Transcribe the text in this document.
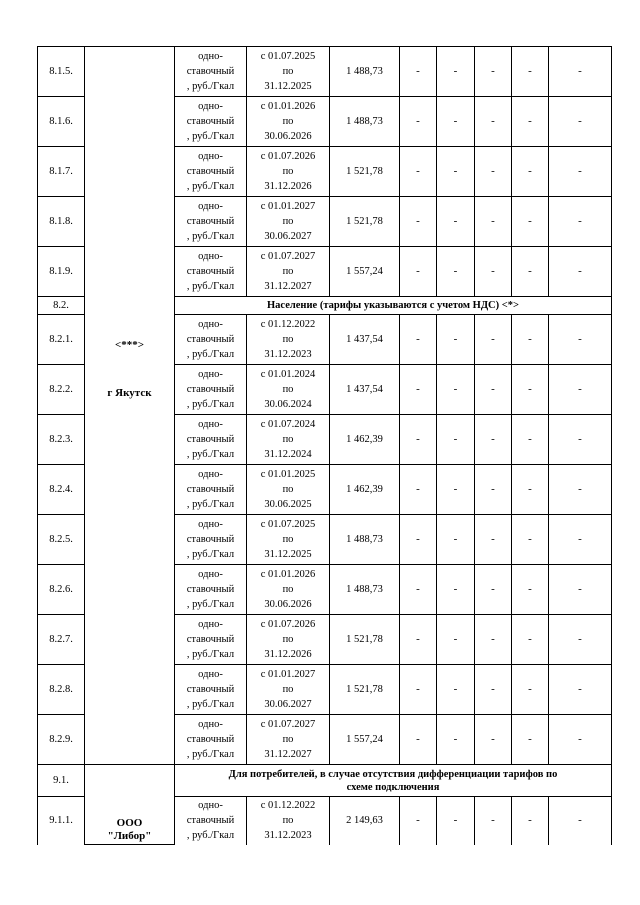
8.1.5.	<***>
г Якутск	одно-
ставочный
, руб./Гкал	с 01.07.2025
по
31.12.2025	1 488,73	-	-	-	-	-
8.1.6.		одно-
ставочный
, руб./Гкал	с 01.01.2026
по
30.06.2026	1 488,73	-	-	-	-	-
8.1.7.		одно-
ставочный
, руб./Гкал	с 01.07.2026
по
31.12.2026	1 521,78	-	-	-	-	-
8.1.8.		одно-
ставочный
, руб./Гкал	с 01.01.2027
по
30.06.2027	1 521,78	-	-	-	-	-
8.1.9.		одно-
ставочный
, руб./Гкал	с 01.07.2027
по
31.12.2027	1 557,24	-	-	-	-	-
8.2.		Население (тарифы указываются с учетом НДС) <*>							
8.2.1.		одно-
ставочный
, руб./Гкал	с 01.12.2022
по
31.12.2023	1 437,54	-	-	-	-	-
8.2.2.		одно-
ставочный
, руб./Гкал	с 01.01.2024
по
30.06.2024	1 437,54	-	-	-	-	-
8.2.3.		одно-
ставочный
, руб./Гкал	с 01.07.2024
по
31.12.2024	1 462,39	-	-	-	-	-
8.2.4.		одно-
ставочный
, руб./Гкал	с 01.01.2025
по
30.06.2025	1 462,39	-	-	-	-	-
8.2.5.		одно-
ставочный
, руб./Гкал	с 01.07.2025
по
31.12.2025	1 488,73	-	-	-	-	-
8.2.6.		одно-
ставочный
, руб./Гкал	с 01.01.2026
по
30.06.2026	1 488,73	-	-	-	-	-
8.2.7.		одно-
ставочный
, руб./Гкал	с 01.07.2026
по
31.12.2026	1 521,78	-	-	-	-	-
8.2.8.		одно-
ставочный
, руб./Гкал	с 01.01.2027
по
30.06.2027	1 521,78	-	-	-	-	-
8.2.9.		одно-
ставочный
, руб./Гкал	с 01.07.2027
по
31.12.2027	1 557,24	-	-	-	-	-
9.1.	ООО
"Либор"	Для потребителей, в случае отсутствия дифференциации тарифов по
схеме подключения							
9.1.1.		одно-
ставочный
, руб./Гкал	с 01.12.2022
по
31.12.2023	2 149,63	-	-	-	-	-
